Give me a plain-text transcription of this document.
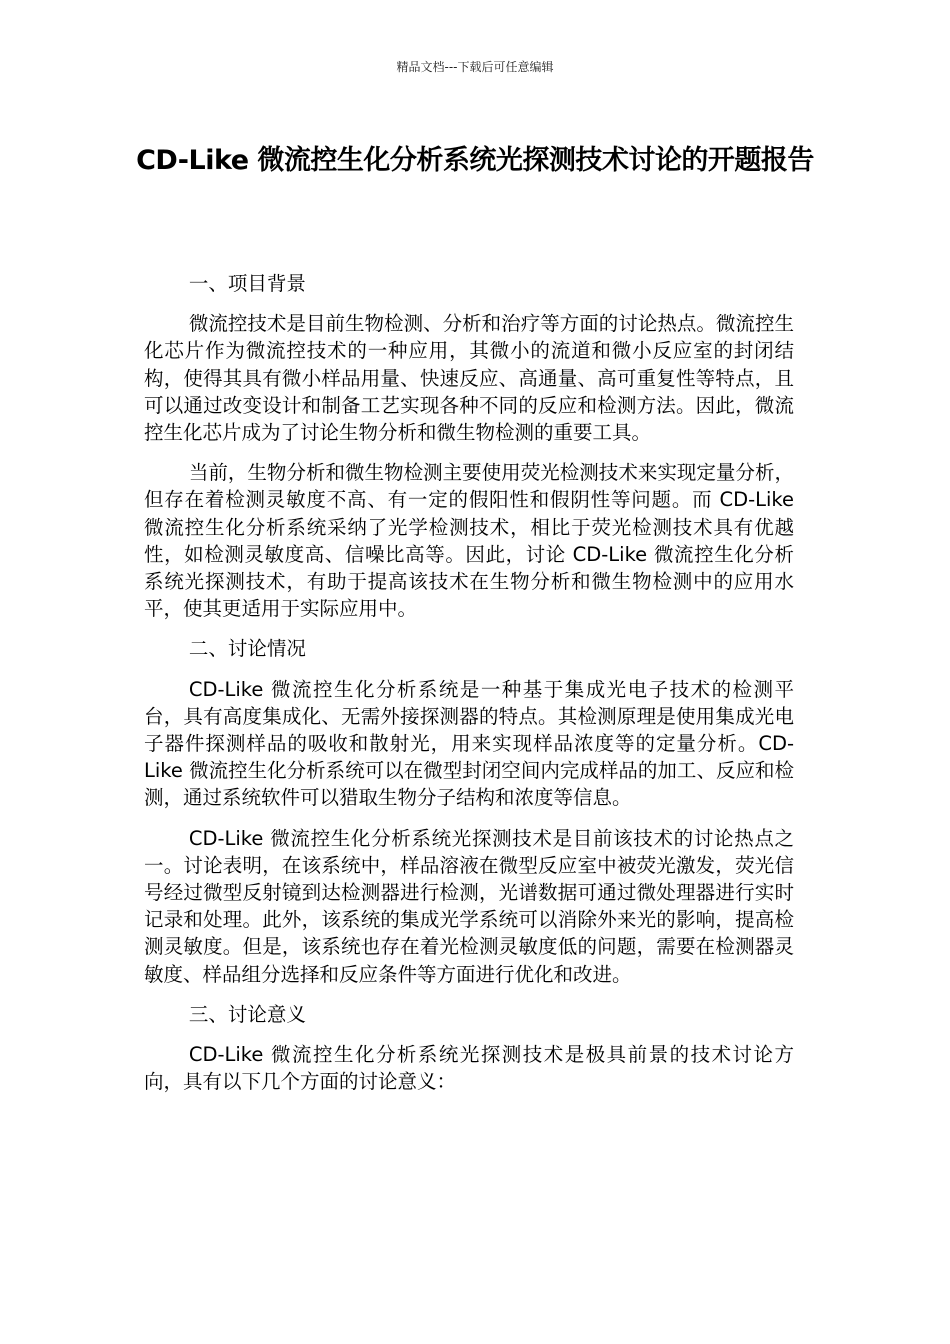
精品文档---下载后可任意编辑
CD-Like 微流控生化分析系统光探测技术讨论的开题报告
一、项目背景

微流控技术是目前生物检测、分析和治疗等方面的讨论热点。微流控生化芯片作为微流控技术的一种应用，其微小的流道和微小反应室的封闭结构，使得其具有微小样品用量、快速反应、高通量、高可重复性等特点，且可以通过改变设计和制备工艺实现各种不同的反应和检测方法。因此，微流控生化芯片成为了讨论生物分析和微生物检测的重要工具。

当前，生物分析和微生物检测主要使用荧光检测技术来实现定量分析，但存在着检测灵敏度不高、有一定的假阳性和假阴性等问题。而 CD-Like 微流控生化分析系统采纳了光学检测技术，相比于荧光检测技术具有优越性，如检测灵敏度高、信噪比高等。因此，讨论 CD-Like 微流控生化分析系统光探测技术，有助于提高该技术在生物分析和微生物检测中的应用水平，使其更适用于实际应用中。

二、讨论情况

CD-Like 微流控生化分析系统是一种基于集成光电子技术的检测平台，具有高度集成化、无需外接探测器的特点。其检测原理是使用集成光电子器件探测样品的吸收和散射光，用来实现样品浓度等的定量分析。CD-Like 微流控生化分析系统可以在微型封闭空间内完成样品的加工、反应和检测，通过系统软件可以猎取生物分子结构和浓度等信息。

CD-Like 微流控生化分析系统光探测技术是目前该技术的讨论热点之一。讨论表明，在该系统中，样品溶液在微型反应室中被荧光激发，荧光信号经过微型反射镜到达检测器进行检测，光谱数据可通过微处理器进行实时记录和处理。此外，该系统的集成光学系统可以消除外来光的影响，提高检测灵敏度。但是，该系统也存在着光检测灵敏度低的问题，需要在检测器灵敏度、样品组分选择和反应条件等方面进行优化和改进。

三、讨论意义

CD-Like 微流控生化分析系统光探测技术是极具前景的技术讨论方向，具有以下几个方面的讨论意义：
